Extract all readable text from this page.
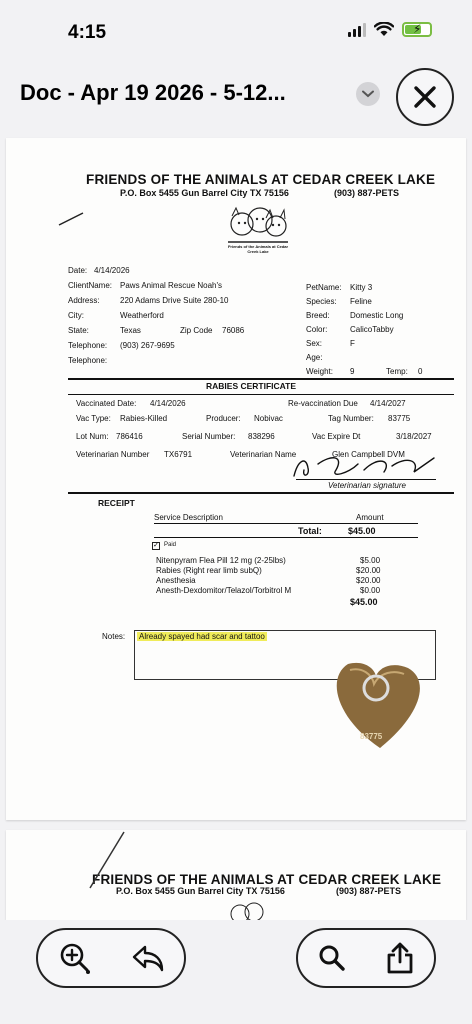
4:15	⚡
Doc - Apr 19 2026 - 5-12...
FRIENDS OF THE ANIMALS AT CEDAR CREEK LAKE
P.O. Box 5455 Gun Barrel City TX 75156	(903) 887-PETS
Friends of the Animals at Cedar Creek Lake
Date: 4/14/2026
ClientName: Paws Animal Rescue Noah's
Address:	220 Adams Drive Suite 280-10
City:	Weatherford
State:	Texas	Zip Code 76086
Telephone: (903) 267-9695
Telephone:
PetName: Kitty 3
Species: Feline
Breed:	Domestic Long
Color:	CalicoTabby
Sex:	F
Age:
Weight: 9	Temp: 0
RABIES CERTIFICATE
Vaccinated Date: 4/14/2026	Re-vaccination Due 4/14/2027
Vac Type: Rabies-Killed	Producer: Nobivac	Tag Number: 83775
Lot Num: 786416	Serial Number: 838296	Vac Expire Dt	3/18/2027
Veterinarian Number TX6791	Veterinarian Name	Glen Campbell DVM
Veterinarian signature
RECEIPT
Service Description	Amount
Total:	$45.00
✓ Paid
Nitenpyram Flea Pill 12 mg (2-25lbs)	$5.00
Rabies (Right rear limb subQ)	$20.00
Anesthesia	$20.00
Anesth-Dexdomitor/Telazol/Torbitrol M	$0.00
$45.00
Notes: Already spayed had scar and tattoo
83775
FRIENDS OF THE ANIMALS AT CEDAR CREEK LAKE
P.O. Box 5455 Gun Barrel City TX 75156	(903) 887-PETS
